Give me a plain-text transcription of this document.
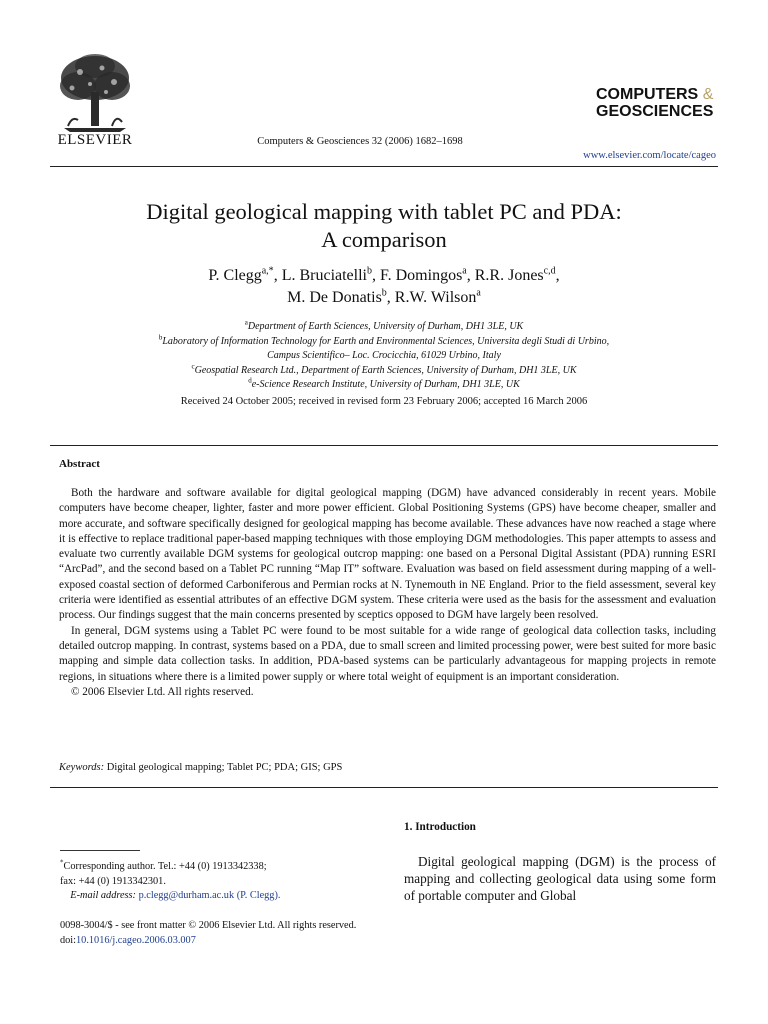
ELSEVIER	Computers & Geosciences 32 (2006) 1682–1698
COMPUTERS &
GEOSCIENCES
www.elsevier.com/locate/cageo
Digital geological mapping with tablet PC and PDA:
A comparison
P. Clegg$^{a,*}$, L. Bruciatelli$^b$, F. Domingos$^a$, R.R. Jones$^{c,d}$,
M. De Donatis$^b$, R.W. Wilson$^a$
$^a$Department of Earth Sciences, University of Durham, DH1 3LE, UK
$^b$Laboratory of Information Technology for Earth and Environmental Sciences, Universita degli Studi di Urbino,
Campus Scientifico– Loc. Crocicchia, 61029 Urbino, Italy
$^c$Geospatial Research Ltd., Department of Earth Sciences, University of Durham, DH1 3LE, UK
$^d$e-Science Research Institute, University of Durham, DH1 3LE, UK
Received 24 October 2005; received in revised form 23 February 2006; accepted 16 March 2006
Abstract

Both the hardware and software available for digital geological mapping (DGM) have advanced considerably in recent years. Mobile computers have become cheaper, lighter, faster and more power efficient. Global Positioning Systems (GPS) have become cheaper, smaller and more accurate, and software specifically designed for geological mapping has become available. These advances have now reached a stage where it is effective to replace traditional paper-based mapping techniques with those employing DGM methodologies. This paper attempts to assess and evaluate two currently available DGM systems for geological outcrop mapping: one based on a Personal Digital Assistant (PDA) running ESRI “ArcPad”, and the second based on a Tablet PC running “Map IT” software. Evaluation was based on field assessment during mapping of a well-exposed coastal section of deformed Carboniferous and Permian rocks at N. Tynemouth in NE England. Prior to the field assessment, several key criteria were identified as essential attributes of an effective DGM system. These criteria were used as the basis for the assessment and evaluation process. Our findings suggest that the main concerns presented by sceptics opposed to DGM have largely been resolved.

In general, DGM systems using a Tablet PC were found to be most suitable for a wide range of geological data collection tasks, including detailed outcrop mapping. In contrast, systems based on a PDA, due to small screen and limited processing power, were best suited for more basic mapping and simple data collection tasks. In addition, PDA-based systems can be particularly advantageous for mapping projects in remote regions, in situations where there is a limited power supply or where total weight of equipment is an important consideration.

© 2006 Elsevier Ltd. All rights reserved.

Keywords: Digital geological mapping; Tablet PC; PDA; GIS; GPS
1. Introduction

Digital geological mapping (DGM) is the process of mapping and collecting geological data using some form of portable computer and Global

*Corresponding author. Tel.: +44 (0) 1913342338;

fax: +44 (0) 1913342301.

E-mail address: p.clegg@durham.ac.uk (P. Clegg).

0098-3004/$ - see front matter © 2006 Elsevier Ltd. All rights reserved.

doi:10.1016/j.cageo.2006.03.007
